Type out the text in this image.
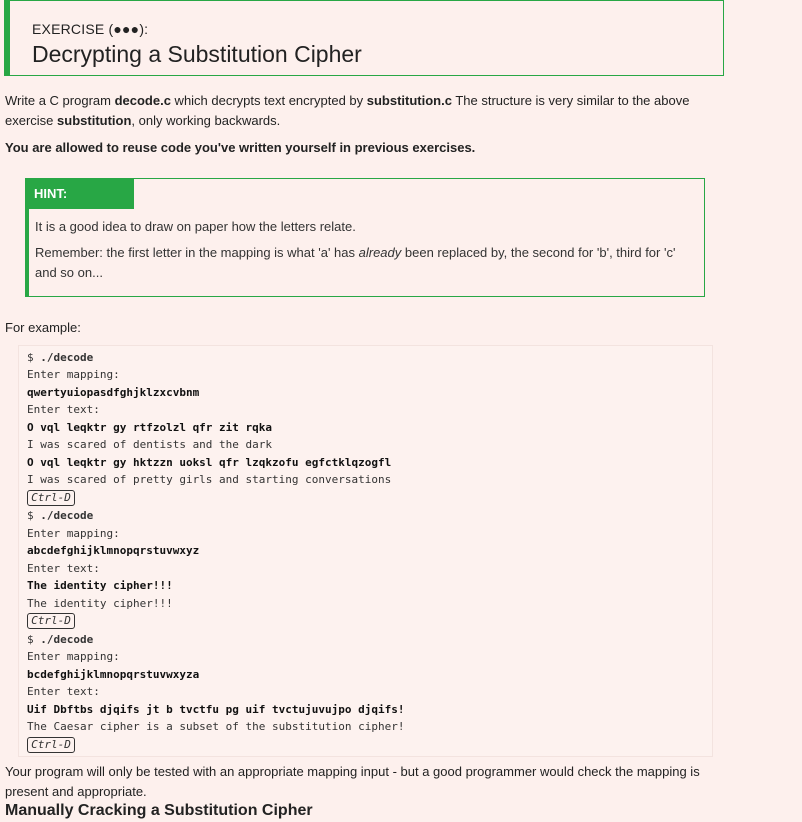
EXERCISE (●●●):
Decrypting a Substitution Cipher
Write a C program decode.c which decrypts text encrypted by substitution.c The structure is very similar to the above exercise substitution, only working backwards.
You are allowed to reuse code you've written yourself in previous exercises.
HINT:
It is a good idea to draw on paper how the letters relate.
Remember: the first letter in the mapping is what 'a' has already been replaced by, the second for 'b', third for 'c' and so on...
For example:
$ ./decode
Enter mapping:
qwertyuiopasdfghjklzxcvbnm
Enter text:
O vql leqktr gy rtfzolzl qfr zit rqka
I was scared of dentists and the dark
O vql leqktr gy hktzzn uoksl qfr lzqkzofu egfctklqzogfl
I was scared of pretty girls and starting conversations
Ctrl-D
$ ./decode
Enter mapping:
abcdefghijklmnopqrstuvwxyz
Enter text:
The identity cipher!!!
The identity cipher!!!
Ctrl-D
$ ./decode
Enter mapping:
bcdefghijklmnopqrstuvwxyza
Enter text:
Uif Dbftbs djqifs jt b tvctfu pg uif tvctujuvujpo djqifs!
The Caesar cipher is a subset of the substitution cipher!
Ctrl-D
Your program will only be tested with an appropriate mapping input - but a good programmer would check the mapping is present and appropriate.
Manually Cracking a Substitution Cipher
